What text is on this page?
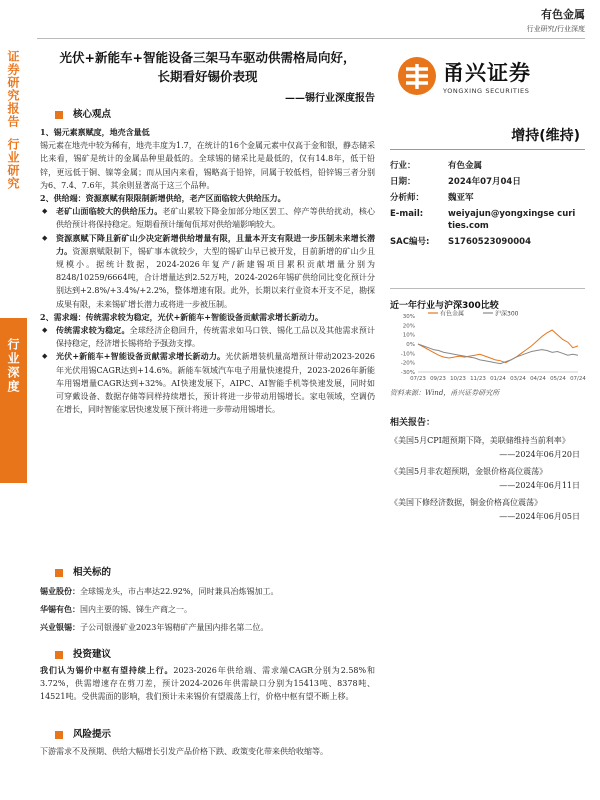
证券研究报告
行业研究
行业深度
有色金属
行业研究/行业深度
光伏+新能车+智能设备三架马车驱动供需格局向好，
长期看好锡价表现
——锡行业深度报告
甬兴证券
YONGXING SECURITIES
增持(维持)
行业：	有色金属
日期：	2024年07月04日
分析师：	魏亚军
E-mail:	weiyajun@yongxingse curities.com
SAC编号:	S1760523090004
近一年行业与沪深300比较
有色金属	沪深300
30%
20%
10%
0%
-10%
-20%
-30%
07/23 09/23 10/23 11/23 01/24 03/24 04/24 05/24 07/24
资料来源：Wind，甬兴证券研究所
相关报告：
《美国5月CPI超预期下降，美联储维持当前利率》
——2024年06月20日
《美国5月非农超预期，金银价格高位震荡》
——2024年06月11日
《美国下修经济数据，铜金价格高位震荡》
——2024年06月05日
核心观点
1、锡元素禀赋度，地壳含量低
锡元素在地壳中较为稀有，地壳丰度为1.7，在统计的16个金属元素中仅高于金和银，静态储采比来看，锡矿是统计的金属品种里最低的。全球锡的储采比是最低的，仅有14.8年，低于铅锌，更远低于铜、镍等金属；而从国内来看，锡略高于铅锌，同属于较低档，铅锌锡三者分别为6、7.4、7.6年，其余则显著高于这三个品种。
2、供给端：资源禀赋有限限制新增供给，老产区面临较大供给压力。
◆ 老矿山面临较大的供给压力。老矿山累较下降金加部分地区罢工、停产等供给扰动，核心供给预计将保持稳定。短期看预计缅甸佤邦对供给端影响较大。
◆ 资源禀赋下降且新矿山少决定新增供给增量有限，且量本开支有限进一步压制未来增长潜力。资源禀赋限制下，锡矿事本就较少，大型的锡矿山早已被开发，目前新增的矿山少且规模小。据统计数据，2024-2026年复产/新建锡项目累积贡献增量分别为8248/10259/6664吨，合计增量达到2.52万吨，2024-2026年锡矿供给同比变化预计分别达到+2.8%/+3.4%/+2.2%，整体增速有限。此外，长期以来行业资本开支不足，勘探成果有限，未来锡矿增长潜力或将进一步被压制。
2、需求端：传统需求较为稳定，光伏+新能车+智能设备贡献需求增长新动力。
◆ 传统需求较为稳定。全球经济企稳回升，传统需求如马口铁、锡化工品以及其他需求预计保持稳定，经济增长锡将给予强劲支撑。
◆ 光伏+新能车+智能设备贡献需求增长新动力。光伏新增装机量高增预计带动2023-2026年光伏用锡CAGR达到+14.6%。新能车领域汽车电子用量快速提升，2023-2026年新能车用锡增量CAGR达到+32%。AI快速发展下，AIPC、AI智能手机等快速发展，同时如可穿戴设备、数据存储等同样持续增长，预计将进一步带动用锡增长。家电领域，空调仍在增长，同时智能家居快速发展下预计将进一步带动用锡增长。
相关标的
锡业股份：全球锡龙头，市占率达22.92%，同时兼具冶炼锡加工。
华锡有色：国内主要的锡、锑生产商之一。
兴业银锡：子公司银漫矿业2023年锡精矿产量国内排名第二位。
投资建议
我们认为锡价中枢有望持续上行。2023-2026年供给端、需求端CAGR分别为2.58%和3.72%，供需增速存在剪刀差，预计2024-2026年供需缺口分别为15413吨、8378吨、14521吨。受供需面的影响，我们预计未来锡价有望震荡上行，价格中枢有望不断上移。
风险提示
下游需求不及预期、供给大幅增长引发产品价格下跌、政策变化带来供给收缩等。
